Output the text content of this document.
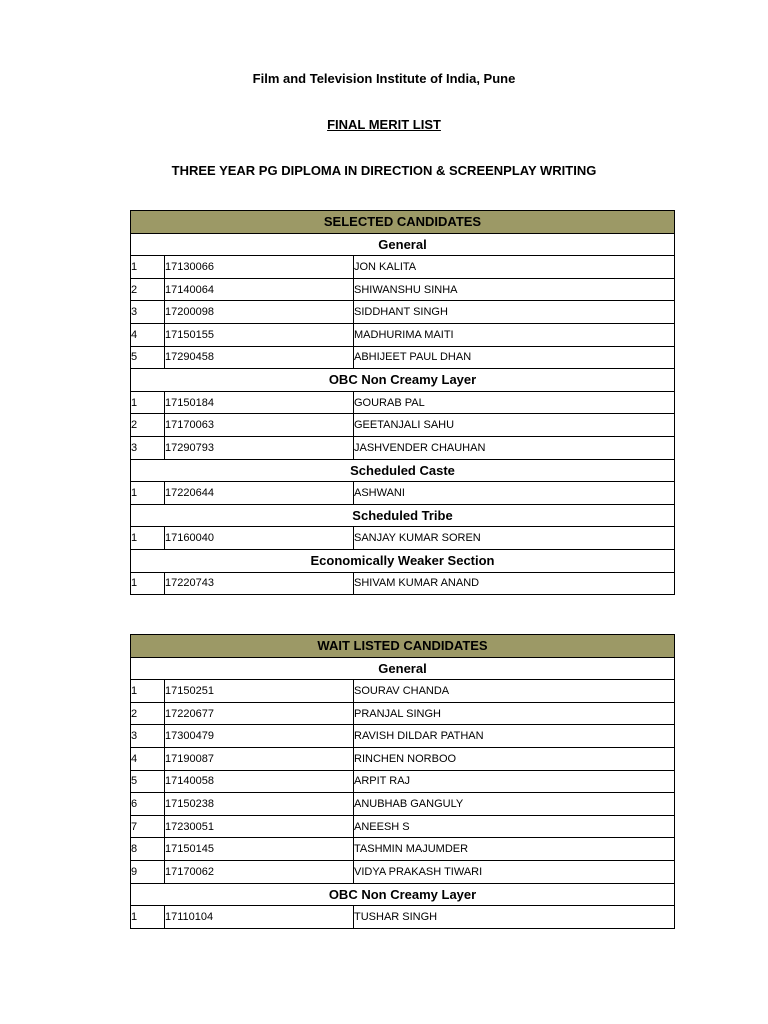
Film and Television Institute of India, Pune
FINAL MERIT LIST
THREE YEAR PG DIPLOMA IN DIRECTION & SCREENPLAY WRITING
SELECTED CANDIDATES		
General		
1	17130066	JON KALITA
2	17140064	SHIWANSHU SINHA
3	17200098	SIDDHANT SINGH
4	17150155	MADHURIMA MAITI
5	17290458	ABHIJEET PAUL DHAN
OBC Non Creamy Layer		
1	17150184	GOURAB PAL
2	17170063	GEETANJALI SAHU
3	17290793	JASHVENDER CHAUHAN
Scheduled Caste		
1	17220644	ASHWANI
Scheduled Tribe		
1	17160040	SANJAY KUMAR SOREN
Economically Weaker Section		
1	17220743	SHIVAM KUMAR ANAND
WAIT LISTED CANDIDATES		
General		
1	17150251	SOURAV CHANDA
2	17220677	PRANJAL SINGH
3	17300479	RAVISH DILDAR PATHAN
4	17190087	RINCHEN NORBOO
5	17140058	ARPIT RAJ
6	17150238	ANUBHAB GANGULY
7	17230051	ANEESH S
8	17150145	TASHMIN MAJUMDER
9	17170062	VIDYA PRAKASH TIWARI
OBC Non Creamy Layer		
1	17110104	TUSHAR SINGH
